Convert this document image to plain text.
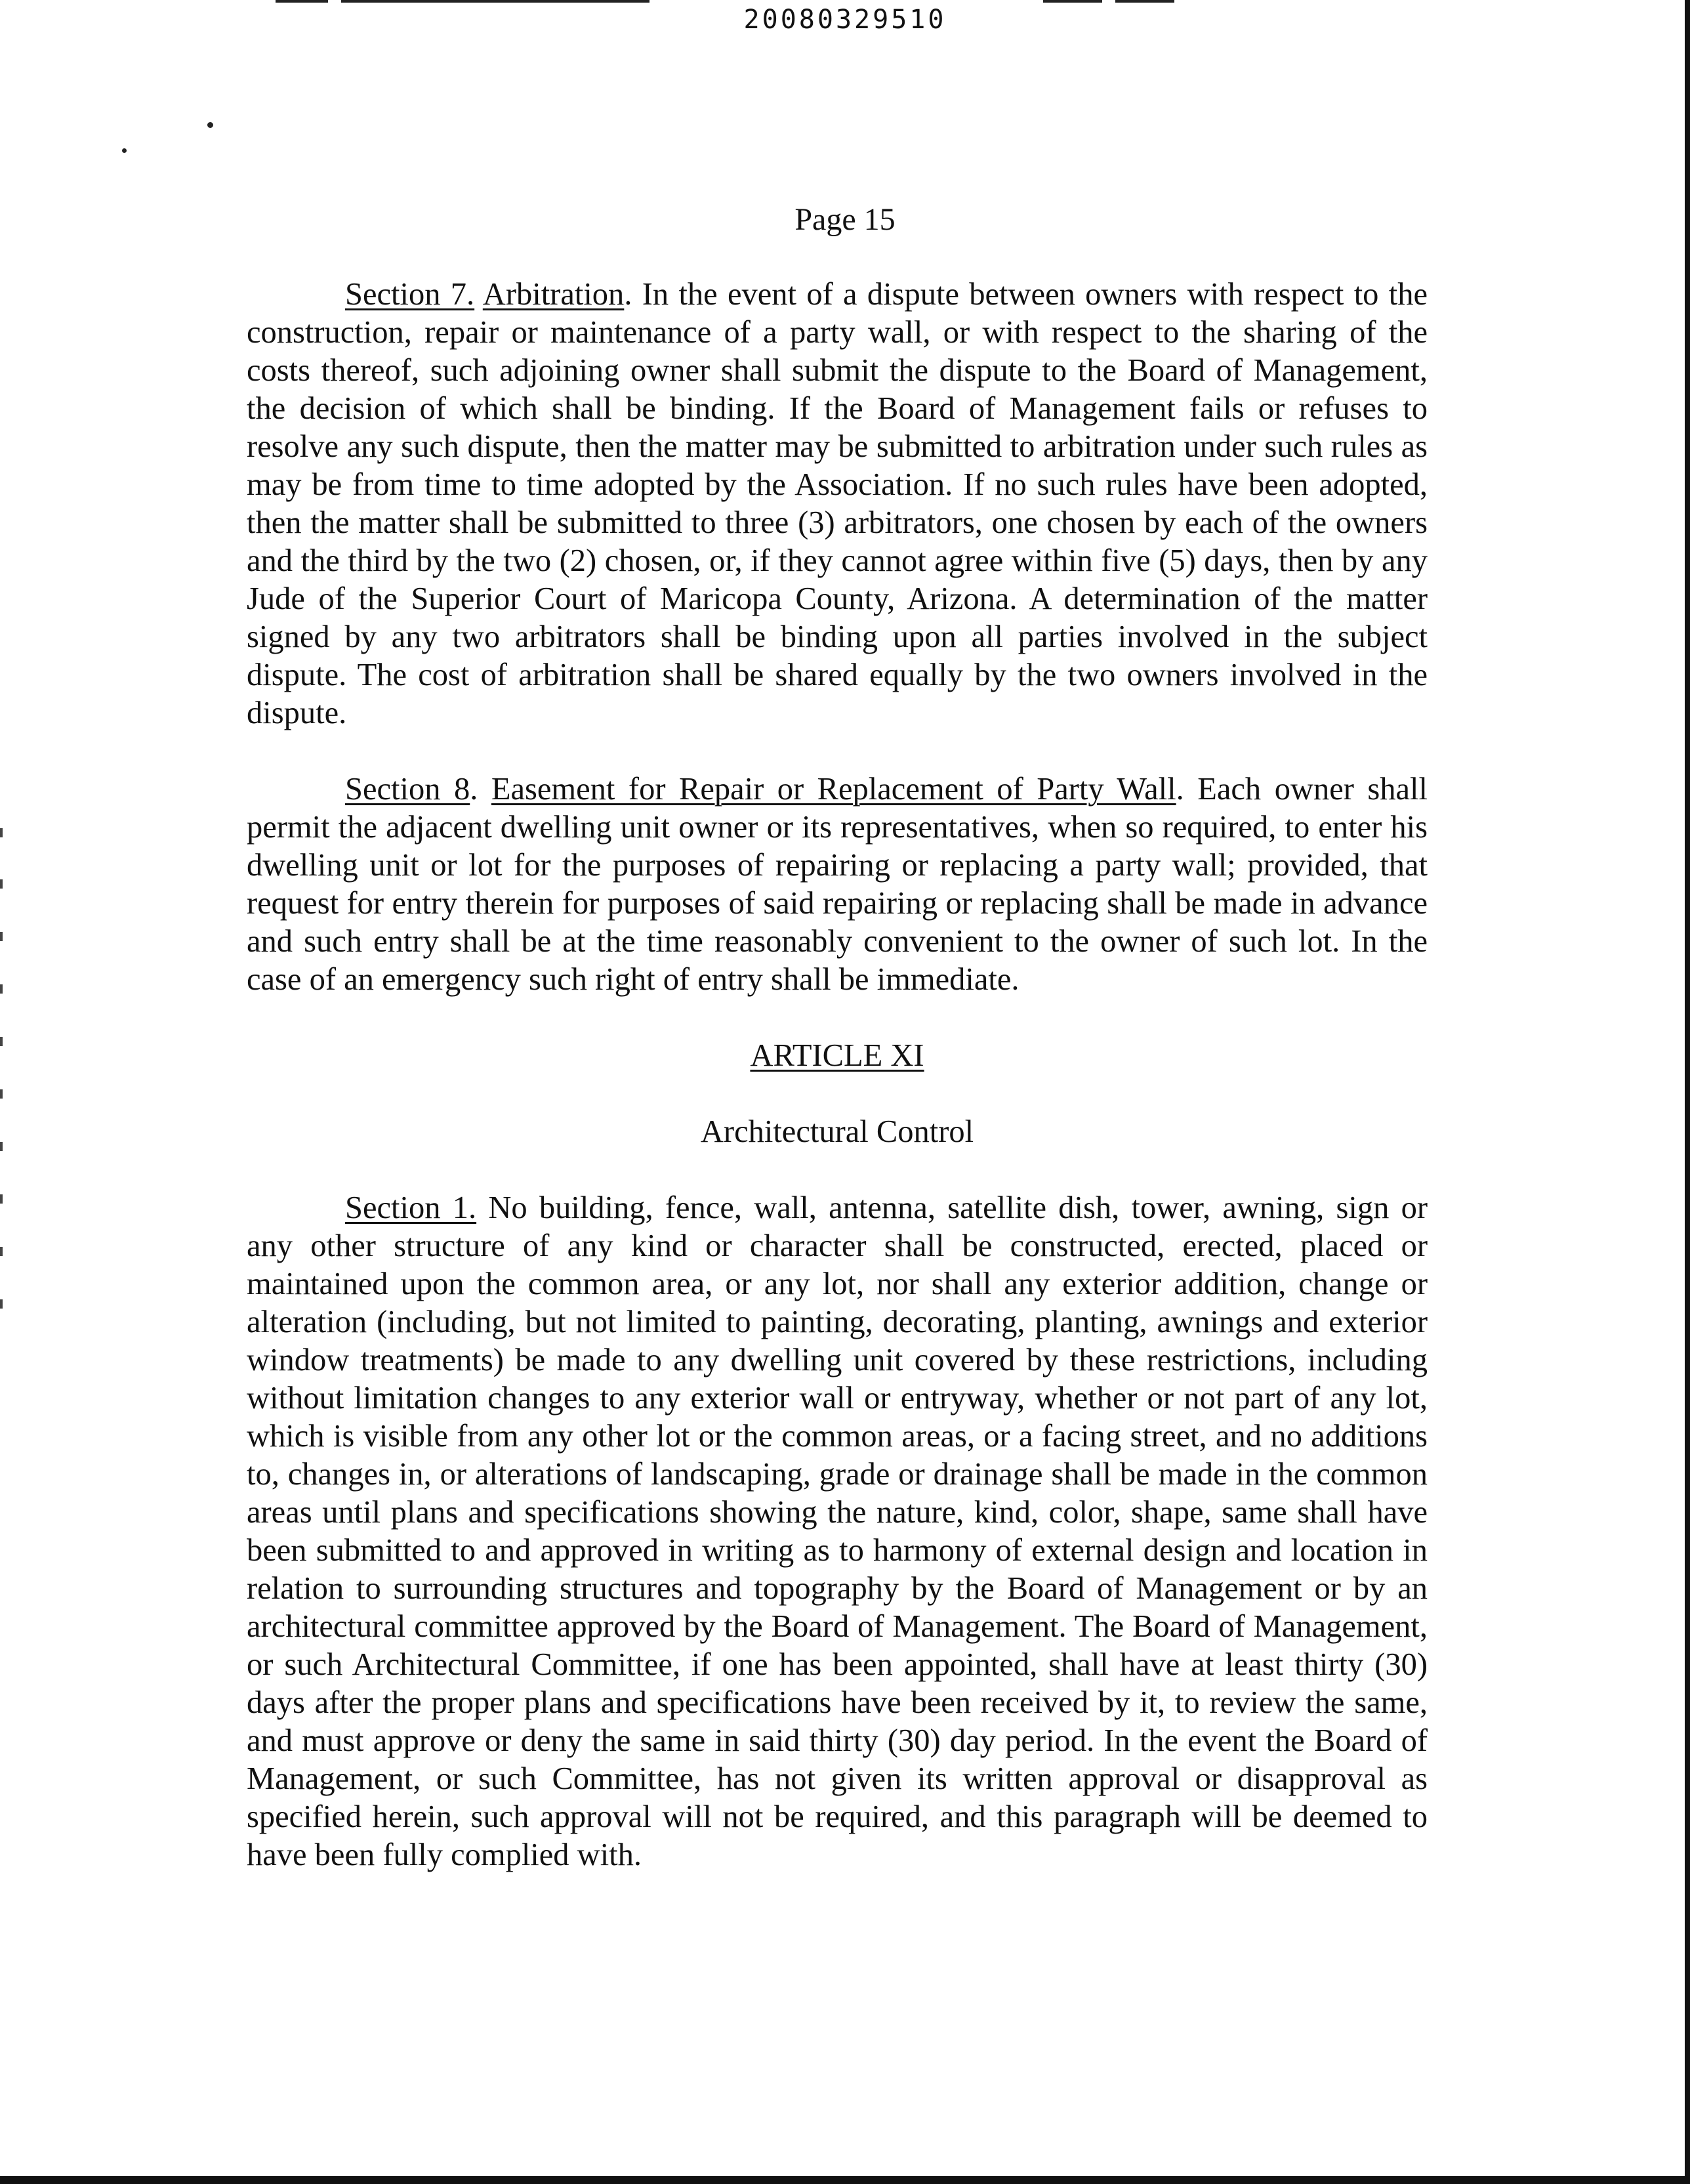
20080329510
Page 15

Section 7. Arbitration. In the event of a dispute between owners with respect to the construction, repair or maintenance of a party wall, or with respect to the sharing of the costs thereof, such adjoining owner shall submit the dispute to the Board of Management, the decision of which shall be binding. If the Board of Management fails or refuses to resolve any such dispute, then the matter may be submitted to arbitration under such rules as may be from time to time adopted by the Association. If no such rules have been adopted, then the matter shall be submitted to three (3) arbitrators, one chosen by each of the owners and the third by the two (2) chosen, or, if they cannot agree within five (5) days, then by any Jude of the Superior Court of Maricopa County, Arizona. A determination of the matter signed by any two arbitrators shall be binding upon all parties involved in the subject dispute. The cost of arbitration shall be shared equally by the two owners involved in the dispute.

Section 8. Easement for Repair or Replacement of Party Wall. Each owner shall permit the adjacent dwelling unit owner or its representatives, when so required, to enter his dwelling unit or lot for the purposes of repairing or replacing a party wall; provided, that request for entry therein for purposes of said repairing or replacing shall be made in advance and such entry shall be at the time reasonably convenient to the owner of such lot. In the case of an emergency such right of entry shall be immediate.

ARTICLE XI

Architectural Control

Section 1. No building, fence, wall, antenna, satellite dish, tower, awning, sign or any other structure of any kind or character shall be constructed, erected, placed or maintained upon the common area, or any lot, nor shall any exterior addition, change or alteration (including, but not limited to painting, decorating, planting, awnings and exterior window treatments) be made to any dwelling unit covered by these restrictions, including without limitation changes to any exterior wall or entryway, whether or not part of any lot, which is visible from any other lot or the common areas, or a facing street, and no additions to, changes in, or alterations of landscaping, grade or drainage shall be made in the common areas until plans and specifications showing the nature, kind, color, shape, same shall have been submitted to and approved in writing as to harmony of external design and location in relation to surrounding structures and topography by the Board of Management or by an architectural committee approved by the Board of Management. The Board of Management, or such Architectural Committee, if one has been appointed, shall have at least thirty (30) days after the proper plans and specifications have been received by it, to review the same, and must approve or deny the same in said thirty (30) day period. In the event the Board of Management, or such Committee, has not given its written approval or disapproval as specified herein, such approval will not be required, and this paragraph will be deemed to have been fully complied with.
